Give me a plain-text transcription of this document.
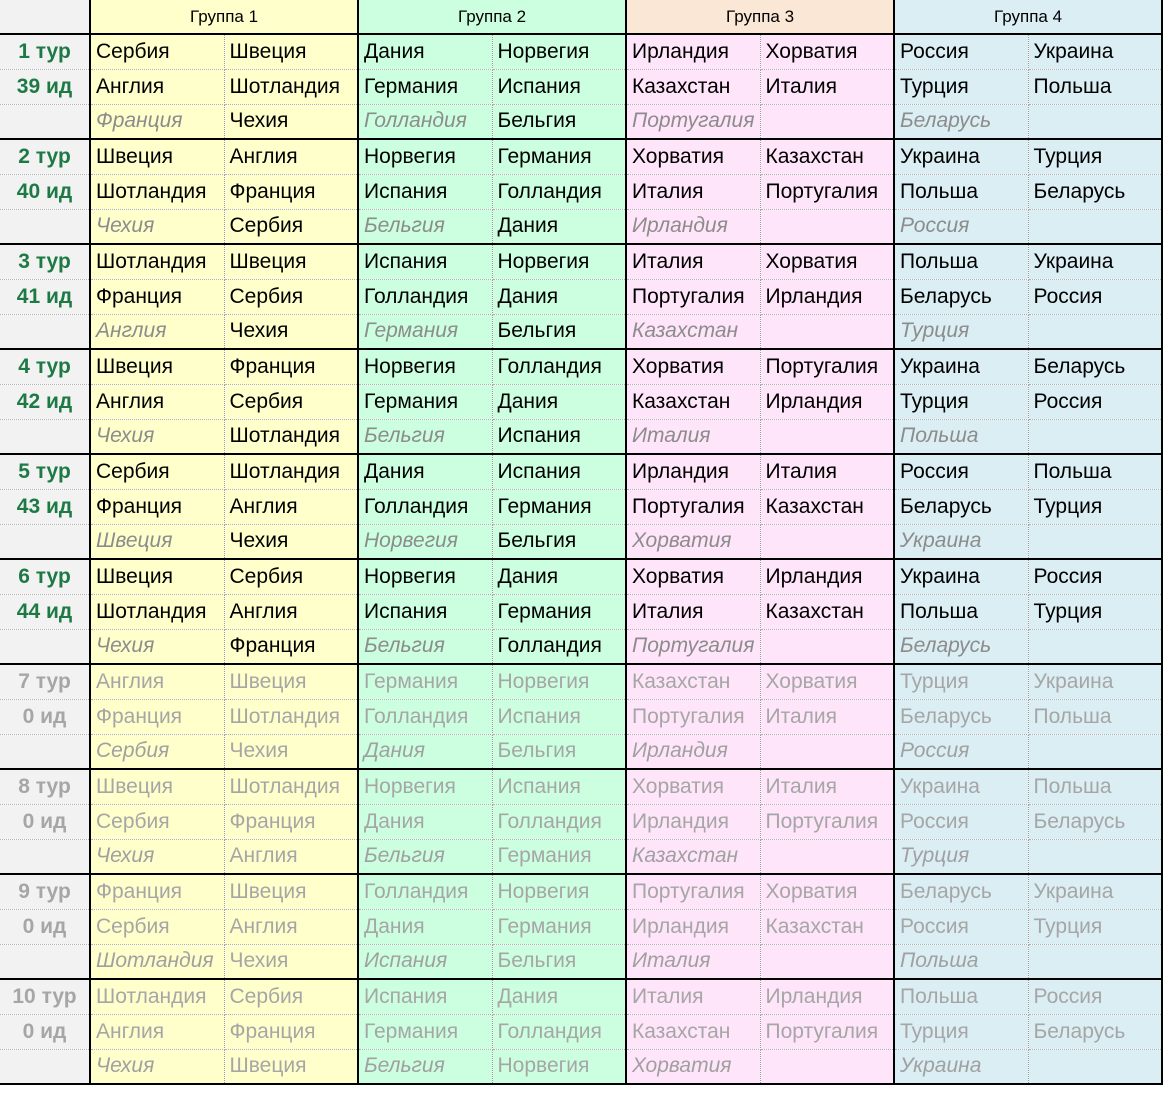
	Группа 1		Группа 2		Группа 3		Группа 4	
1 тур	Сербия	Швеция	Дания	Норвегия	Ирландия	Хорватия	Россия	Украина
39 ид	Англия	Шотландия	Германия	Испания	Казахстан	Италия	Турция	Польша
	Франция	Чехия	Голландия	Бельгия	Португалия		Беларусь	
2 тур	Швеция	Англия	Норвегия	Германия	Хорватия	Казахстан	Украина	Турция
40 ид	Шотландия	Франция	Испания	Голландия	Италия	Португалия	Польша	Беларусь
	Чехия	Сербия	Бельгия	Дания	Ирландия		Россия	
3 тур	Шотландия	Швеция	Испания	Норвегия	Италия	Хорватия	Польша	Украина
41 ид	Франция	Сербия	Голландия	Дания	Португалия	Ирландия	Беларусь	Россия
	Англия	Чехия	Германия	Бельгия	Казахстан		Турция	
4 тур	Швеция	Франция	Норвегия	Голландия	Хорватия	Португалия	Украина	Беларусь
42 ид	Англия	Сербия	Германия	Дания	Казахстан	Ирландия	Турция	Россия
	Чехия	Шотландия	Бельгия	Испания	Италия		Польша	
5 тур	Сербия	Шотландия	Дания	Испания	Ирландия	Италия	Россия	Польша
43 ид	Франция	Англия	Голландия	Германия	Португалия	Казахстан	Беларусь	Турция
	Швеция	Чехия	Норвегия	Бельгия	Хорватия		Украина	
6 тур	Швеция	Сербия	Норвегия	Дания	Хорватия	Ирландия	Украина	Россия
44 ид	Шотландия	Англия	Испания	Германия	Италия	Казахстан	Польша	Турция
	Чехия	Франция	Бельгия	Голландия	Португалия		Беларусь	
7 тур	Англия	Швеция	Германия	Норвегия	Казахстан	Хорватия	Турция	Украина
0 ид	Франция	Шотландия	Голландия	Испания	Португалия	Италия	Беларусь	Польша
	Сербия	Чехия	Дания	Бельгия	Ирландия		Россия	
8 тур	Швеция	Шотландия	Норвегия	Испания	Хорватия	Италия	Украина	Польша
0 ид	Сербия	Франция	Дания	Голландия	Ирландия	Португалия	Россия	Беларусь
	Чехия	Англия	Бельгия	Германия	Казахстан		Турция	
9 тур	Франция	Швеция	Голландия	Норвегия	Португалия	Хорватия	Беларусь	Украина
0 ид	Сербия	Англия	Дания	Германия	Ирландия	Казахстан	Россия	Турция
	Шотландия	Чехия	Испания	Бельгия	Италия		Польша	
10 тур	Шотландия	Сербия	Испания	Дания	Италия	Ирландия	Польша	Россия
0 ид	Англия	Франция	Германия	Голландия	Казахстан	Португалия	Турция	Беларусь
	Чехия	Швеция	Бельгия	Норвегия	Хорватия		Украина	
